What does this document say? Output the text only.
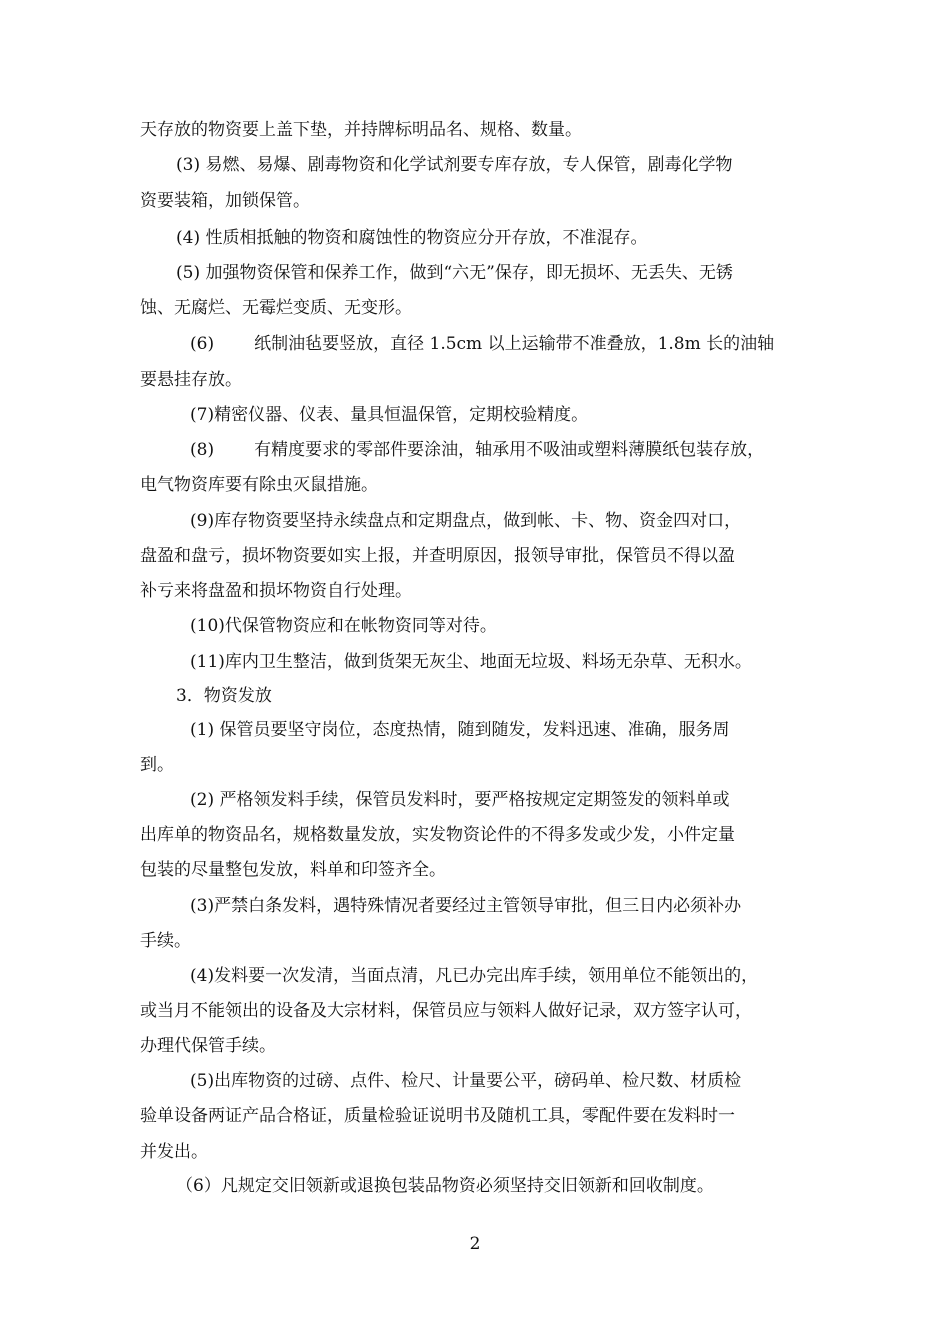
天存放的物资要上盖下垫，并持牌标明品名、规格、数量。
(3) 易燃、易爆、剧毒物资和化学试剂要专库存放，专人保管，剧毒化学物
资要装箱，加锁保管。
(4) 性质相抵触的物资和腐蚀性的物资应分开存放，不准混存。
(5) 加强物资保管和保养工作，做到“六无”保存，即无损坏、无丢失、无锈
蚀、无腐烂、无霉烂变质、无变形。
(6) 纸制油毡要竖放，直径 1.5cm 以上运输带不准叠放，1.8m 长的油轴
要悬挂存放。
(7)精密仪器、仪表、量具恒温保管，定期校验精度。
(8) 有精度要求的零部件要涂油，轴承用不吸油或塑料薄膜纸包装存放，
电气物资库要有除虫灭鼠措施。
(9)库存物资要坚持永续盘点和定期盘点，做到帐、卡、物、资金四对口，
盘盈和盘亏，损坏物资要如实上报，并查明原因，报领导审批，保管员不得以盈
补亏来将盘盈和损坏物资自行处理。
(10)代保管物资应和在帐物资同等对待。
(11)库内卫生整洁，做到货架无灰尘、地面无垃圾、料场无杂草、无积水。
3．物资发放
(1) 保管员要坚守岗位，态度热情，随到随发，发料迅速、准确，服务周
到。
(2) 严格领发料手续，保管员发料时，要严格按规定定期签发的领料单或
出库单的物资品名，规格数量发放，实发物资论件的不得多发或少发，小件定量
包装的尽量整包发放，料单和印签齐全。
(3)严禁白条发料，遇特殊情况者要经过主管领导审批，但三日内必须补办
手续。
(4)发料要一次发清，当面点清，凡已办完出库手续，领用单位不能领出的，
或当月不能领出的设备及大宗材料，保管员应与领料人做好记录，双方签字认可，
办理代保管手续。
(5)出库物资的过磅、点件、检尺、计量要公平，磅码单、检尺数、材质检
验单设备两证产品合格证，质量检验证说明书及随机工具，零配件要在发料时一
并发出。
（6）凡规定交旧领新或退换包装品物资必须坚持交旧领新和回收制度。
2
